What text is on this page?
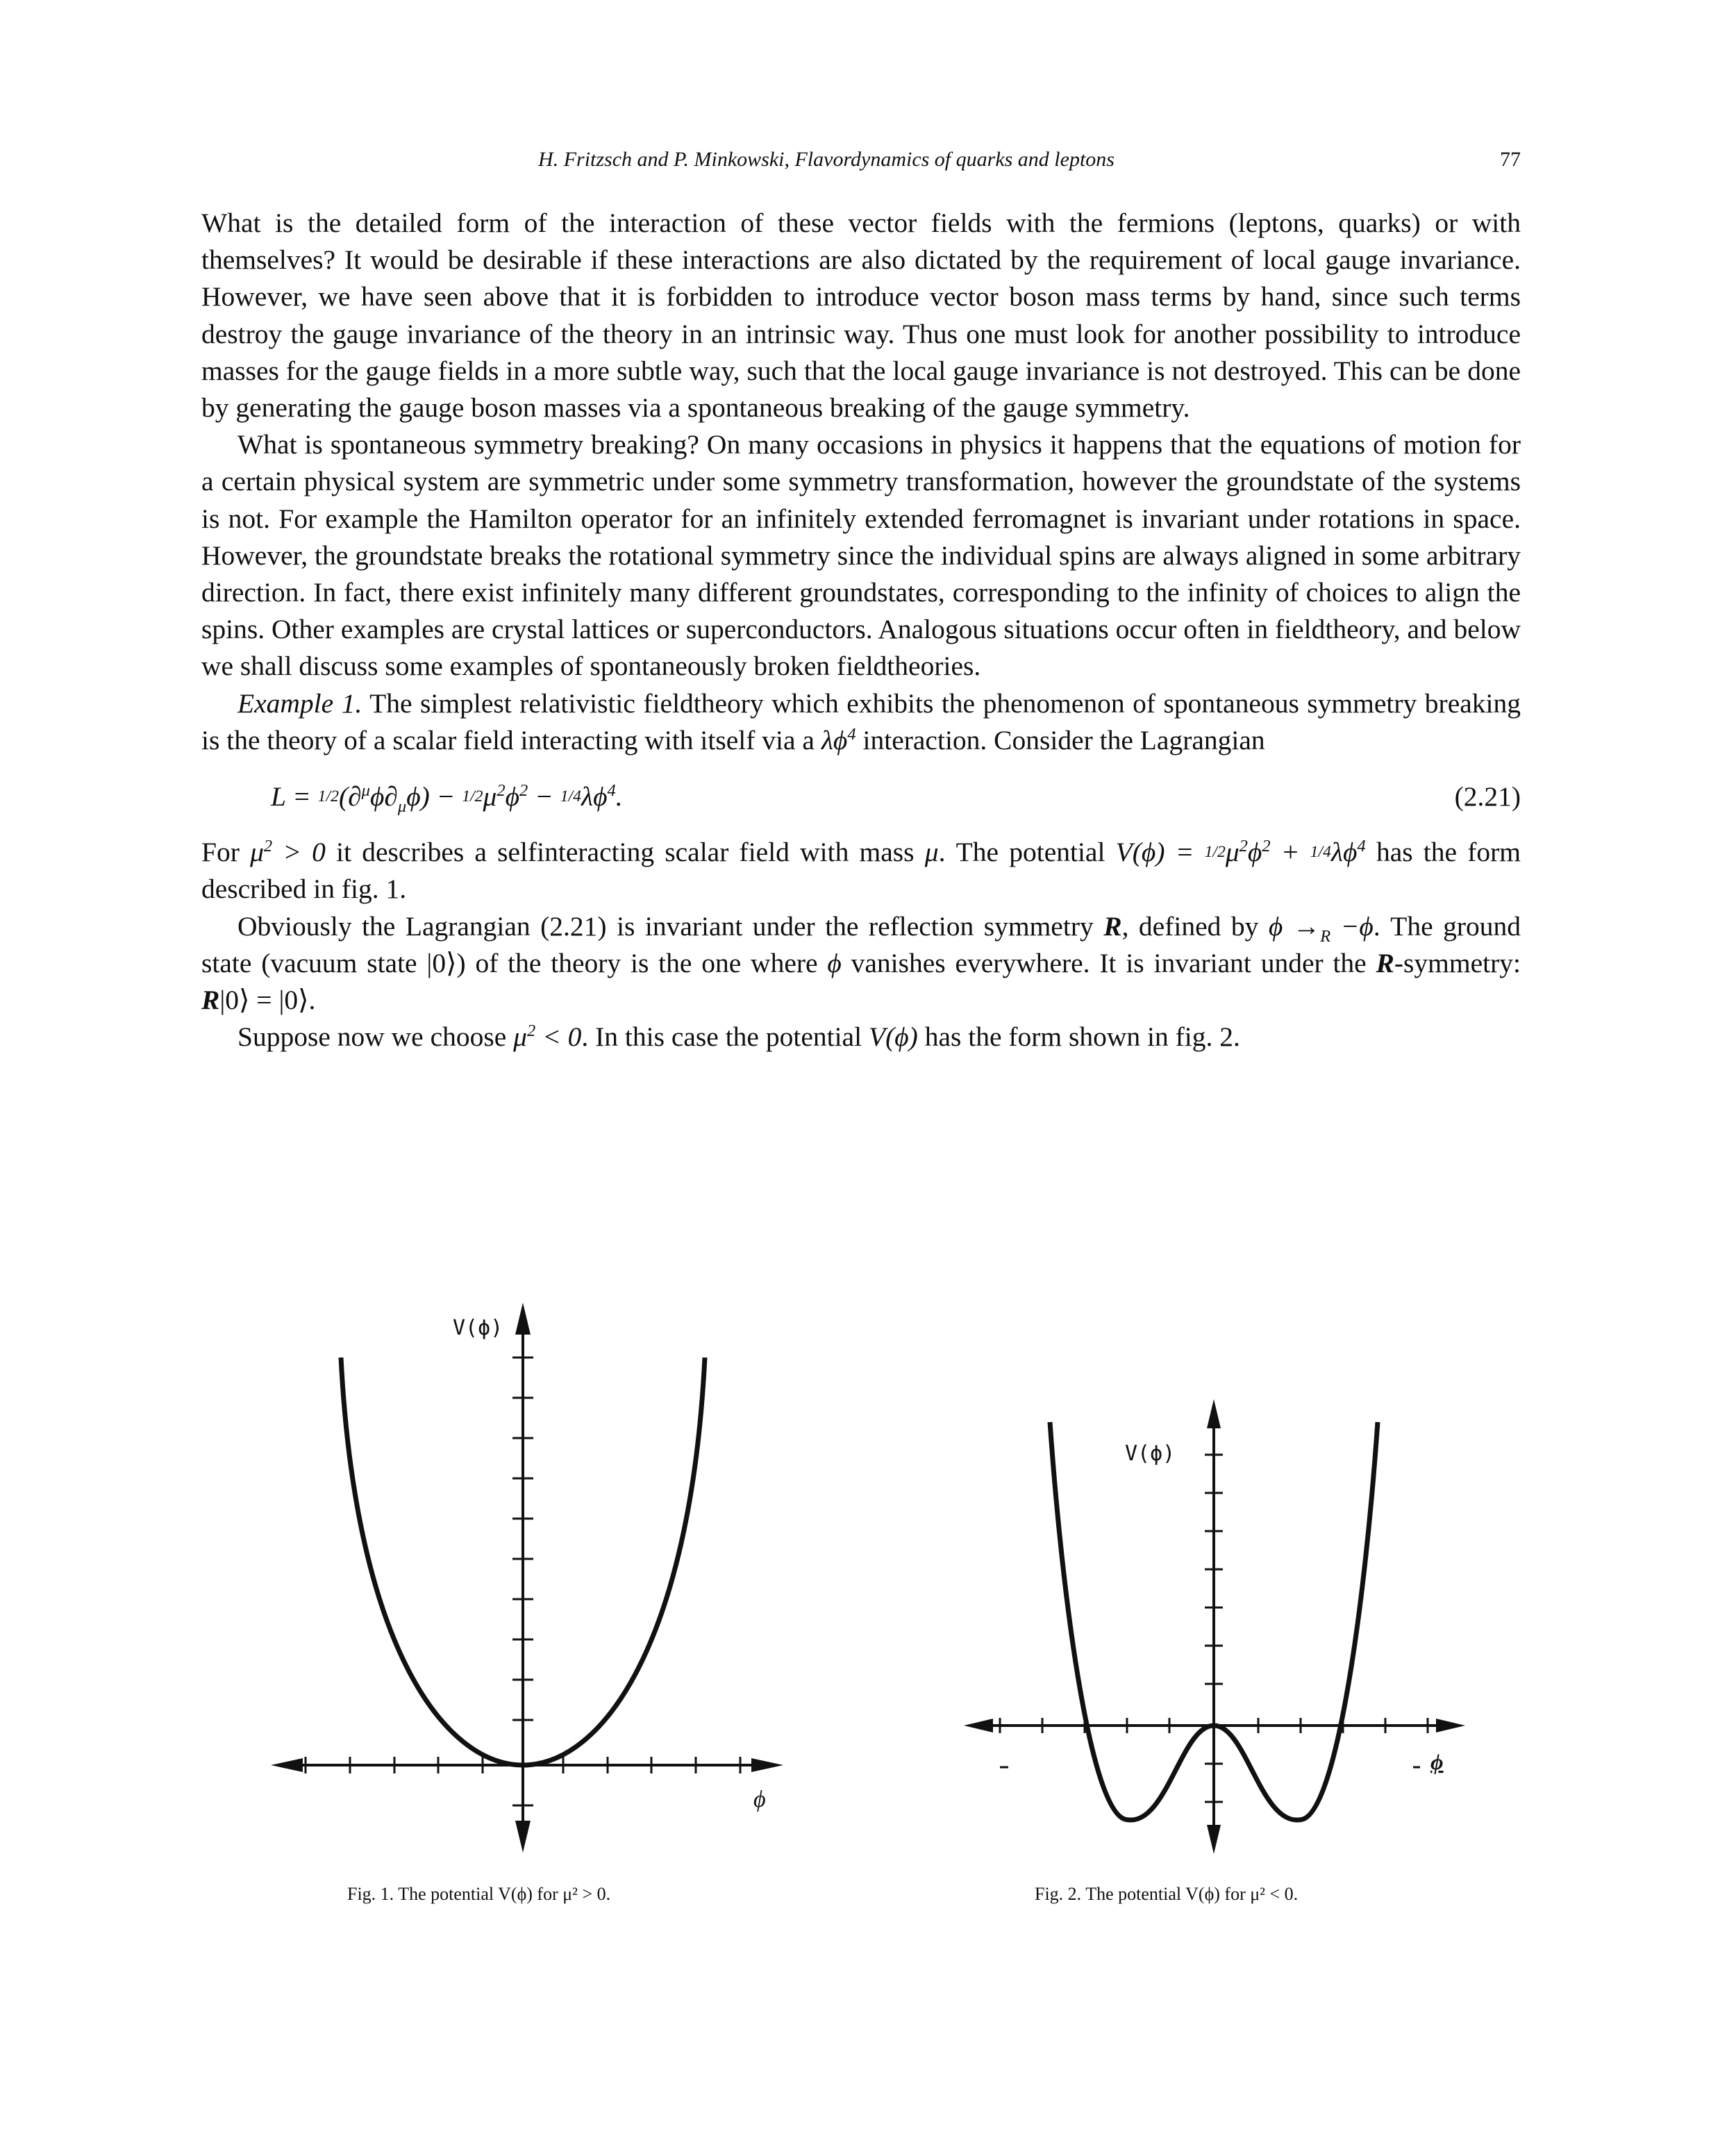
H. Fritzsch and P. Minkowski, Flavordynamics of quarks and leptons	77

What is the detailed form of the interaction of these vector fields with the fermions (leptons, quarks) or with themselves? It would be desirable if these interactions are also dictated by the requirement of local gauge invariance. However, we have seen above that it is forbidden to introduce vector boson mass terms by hand, since such terms destroy the gauge invariance of the theory in an intrinsic way. Thus one must look for another possibility to introduce masses for the gauge fields in a more subtle way, such that the local gauge invariance is not destroyed. This can be done by generating the gauge boson masses via a spontaneous breaking of the gauge symmetry.

What is spontaneous symmetry breaking? On many occasions in physics it happens that the equations of motion for a certain physical system are symmetric under some symmetry transformation, however the groundstate of the systems is not. For example the Hamilton operator for an infinitely extended ferromagnet is invariant under rotations in space. However, the groundstate breaks the rotational symmetry since the individual spins are always aligned in some arbitrary direction. In fact, there exist infinitely many different groundstates, corresponding to the infinity of choices to align the spins. Other examples are crystal lattices or superconductors. Analogous situations occur often in fieldtheory, and below we shall discuss some examples of spontaneously broken fieldtheories.

Example 1. The simplest relativistic fieldtheory which exhibits the phenomenon of spontaneous symmetry breaking is the theory of a scalar field interacting with itself via a $\lambda\phi^4$ interaction. Consider the Lagrangian

$L = 1/2(\partial^\mu\phi\partial_\mu\phi) - 1/2\mu^2\phi^2 - 1/4\lambda\phi^4$.	(2.21)

For $\mu^2 > 0$ it describes a selfinteracting scalar field with mass μ. The potential $V(\phi) = 1/2\mu^2\phi^2 + 1/4\lambda\phi^4$ has the form described in fig. 1.

Obviously the Lagrangian (2.21) is invariant under the reflection symmetry R, defined by $\phi \to_R -\phi$. The ground state (vacuum state |0⟩) of the theory is the one where ϕ vanishes everywhere. It is invariant under the R-symmetry: R|0⟩ = |0⟩.

Suppose now we choose $\mu^2 < 0$. In this case the potential V(ϕ) has the form shown in fig. 2.

V(ϕ)
ϕ
V(ϕ)
ϕ
Fig. 1. The potential V(ϕ) for μ² > 0.	Fig. 2. The potential V(ϕ) for μ² < 0.
